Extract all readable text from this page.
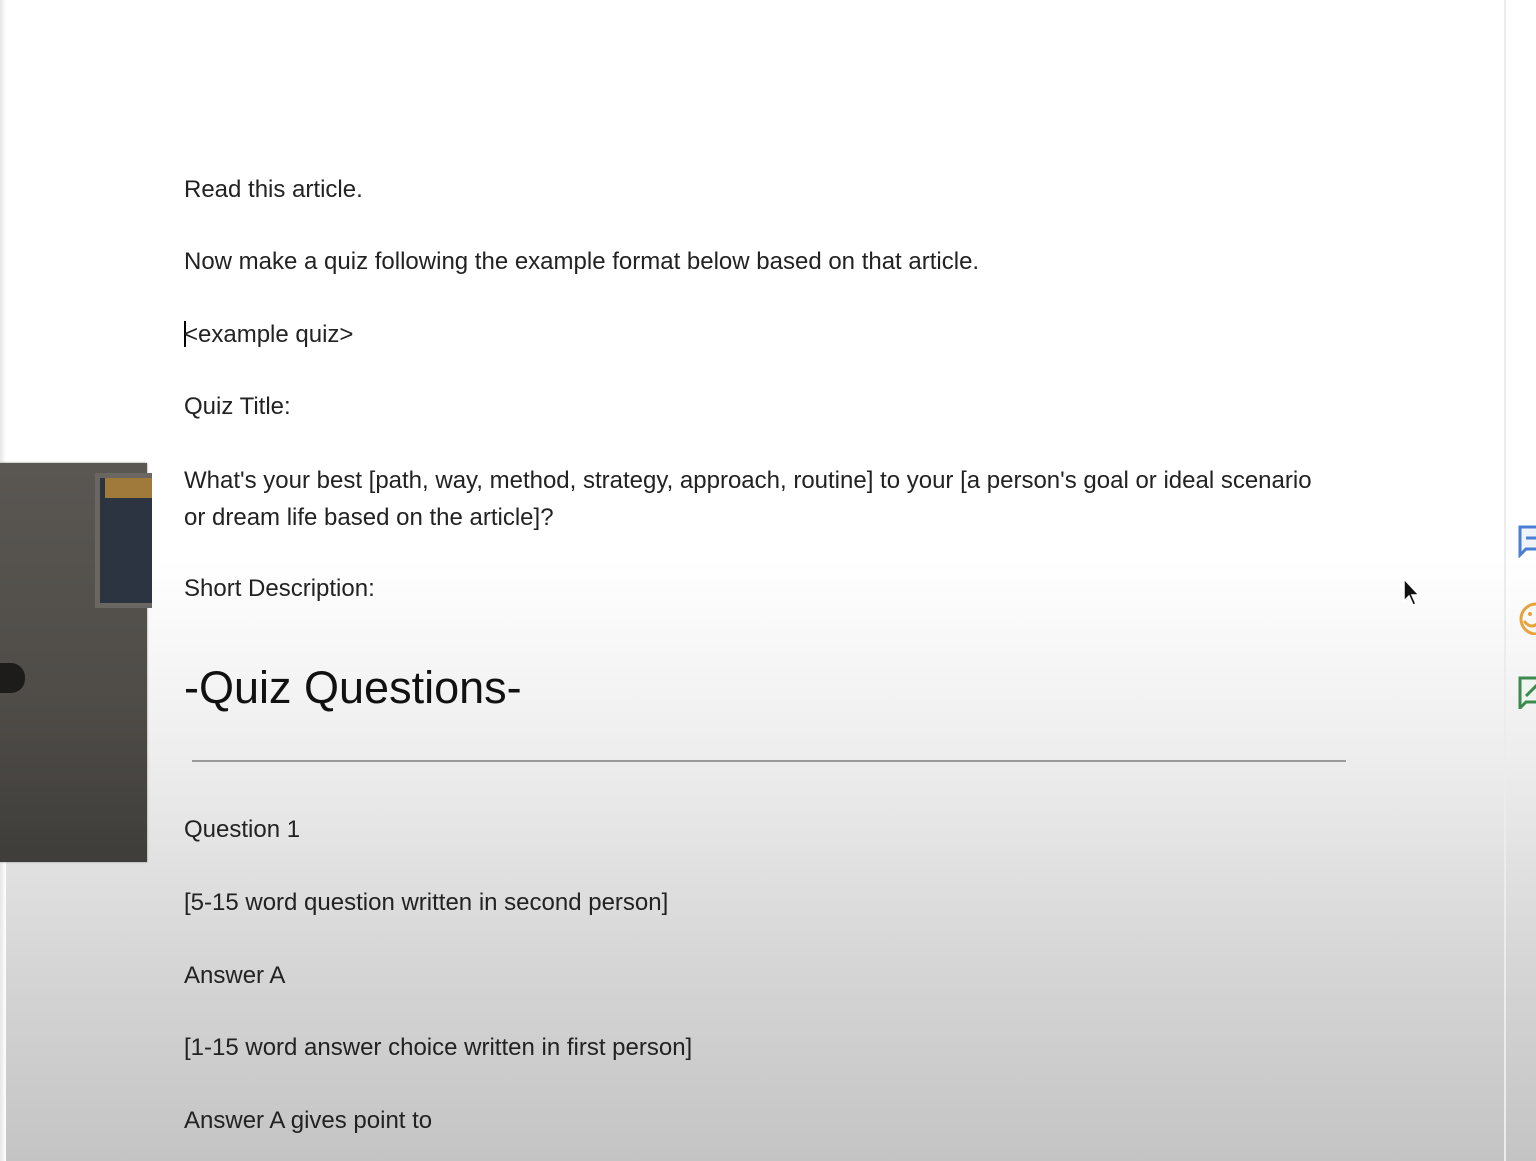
Read this article.
Now make a quiz following the example format below based on that article.
<example quiz>
Quiz Title:
What's your best [path, way, method, strategy, approach, routine] to your [a person's goal or ideal scenario or dream life based on the article]?
Short Description:
-Quiz Questions-
Question 1
[5-15 word question written in second person]
Answer A
[1-15 word answer choice written in first person]
Answer A gives point to
